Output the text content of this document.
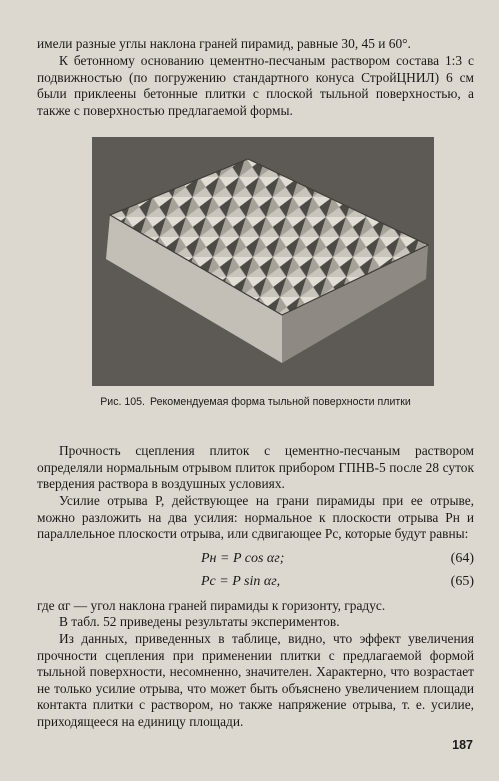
имели разные углы наклона граней пирамид, равные 30, 45 и 60°.

К бетонному основанию цементно-песчаным раствором состава 1:3 с подвижностью (по погружению стандартного конуса СтройЦНИЛ) 6 см были приклеены бетонные плитки с плоской тыльной поверхностью, а также с поверхностью предлагаемой формы.

Рис. 105. Рекомендуемая форма тыльной поверхности плитки

Прочность сцепления плиток с цементно-песчаным раствором определяли нормальным отрывом плиток прибором ГПНВ-5 после 28 суток твердения раствора в воздушных условиях.

Усилие отрыва P, действующее на грани пирамиды при ее отрыве, можно разложить на два усилия: нормальное к плоскости отрыва Pн и параллельное плоскости отрыва, или сдвигающее Pс, которые будут равны:

Pн = P cos αг;	(64)
Pс = P sin αг,	(65)

где αг — угол наклона граней пирамиды к горизонту, градус.

В табл. 52 приведены результаты экспериментов.

Из данных, приведенных в таблице, видно, что эффект увеличения прочности сцепления при применении плитки с предлагаемой формой тыльной поверхности, несомненно, значителен. Характерно, что возрастает не только усилие отрыва, что может быть объяснено увеличением площади контакта плитки с раствором, но также напряжение отрыва, т. е. усилие, приходящееся на единицу площади.

187
